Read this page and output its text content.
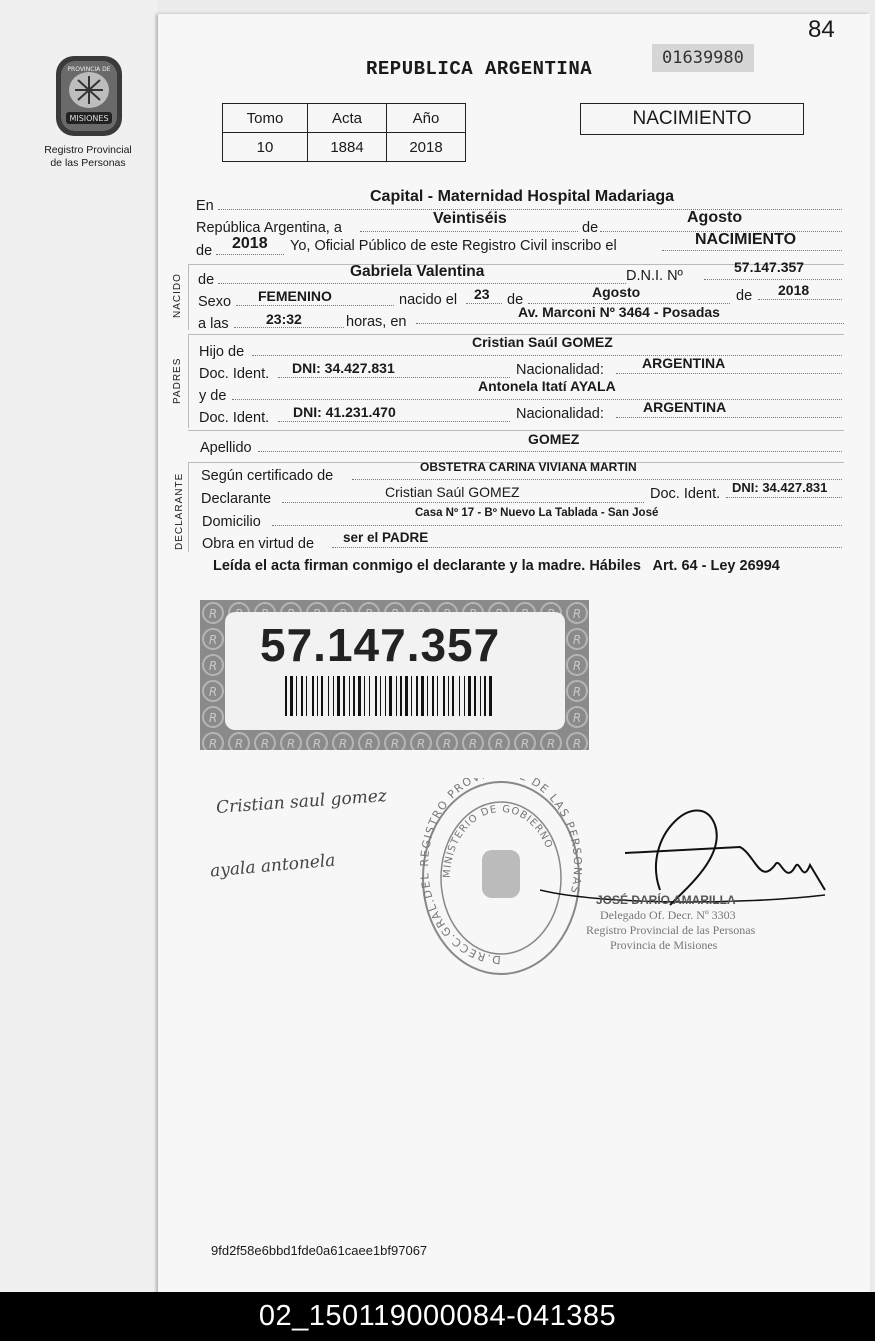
84
MISIONES
PROVINCIA DE
Registro Provincial
de las Personas
REPUBLICA ARGENTINA	01639980
Tomo	Acta	Año
10	1884	2018
NACIMIENTO
En
Capital - Maternidad Hospital Madariaga
República Argentina, a
Veintiséis
de
Agosto
de 2018 Yo, Oficial Público de este Registro Civil inscribo el	NACIMIENTO
NACIDO de	Gabriela Valentina	D.N.I. Nº
57.147.357
Sexo FEMENINO	nacido el 23 de	Agosto	de 2018
a las	23:32	horas, en
Av. Marconi Nº 3464 - Posadas
PADRES
Hijo de
Cristian Saúl GOMEZ
Doc. Ident. DNI: 34.427.831	Nacionalidad:	ARGENTINA
y de
Antonela Itatí AYALA
Doc. Ident. DNI: 41.231.470	Nacionalidad:	ARGENTINA
Apellido
GOMEZ
DECLARANTE Según certificado de
OBSTETRA CARINA VIVIANA MARTIN
Declarante	Cristian Saúl GOMEZ	Doc. Ident. DNI: 34.427.831
Domicilio
Casa Nº 17 - Bº Nuevo La Tablada - San José
Obra en virtud de ser el PADRE
Leída el acta firman conmigo el declarante y la madre. Hábiles Art. 64 - Ley 26994
57.147.357
Cristian saul gomez
ayala antonela
D.RECC.GRAL.DE GISTRO PRO DE LAS PER S
MINISTERIO DE GOBIERNO
JOSÉ DARÍO AMARILLA
Delegado Of. Decr. Nº 3303
Registro Provincial de las Personas
Provincia de Misiones
9fd2f58e6bbd1fde0a61caee1bf97067
02_150119000084-041385
